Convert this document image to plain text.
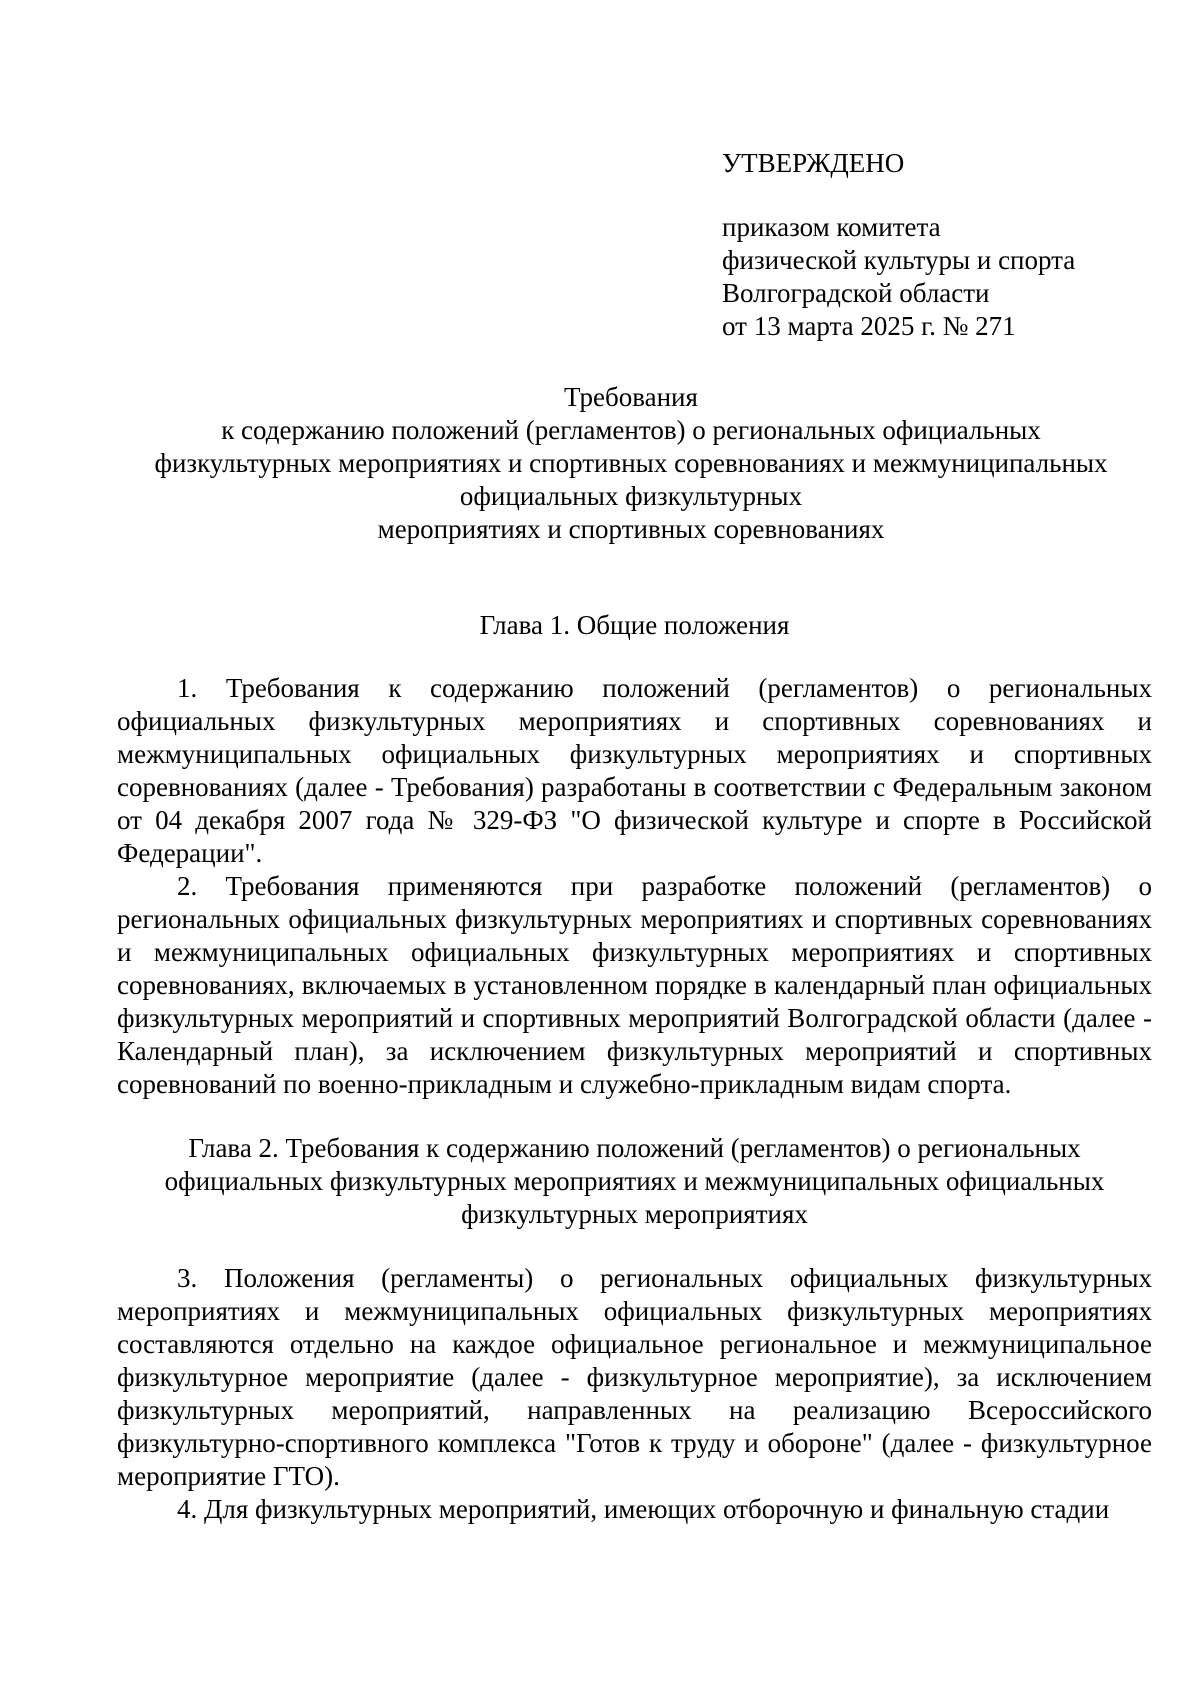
УТВЕРЖДЕНО
приказом комитета
физической культуры и спорта
Волгоградской области
от 13 марта 2025 г. № 271
Требования
к содержанию положений (регламентов) о региональных официальных
физкультурных мероприятиях и спортивных соревнованиях и межмуниципальных
официальных физкультурных
мероприятиях и спортивных соревнованиях
Глава 1. Общие положения

1. Требования к содержанию положений (регламентов) о региональных официальных физкультурных мероприятиях и спортивных соревнованиях и межмуниципальных официальных физкультурных мероприятиях и спортивных соревнованиях (далее - Требования) разработаны в соответствии с Федеральным законом от 04 декабря 2007 года № 329-ФЗ "О физической культуре и спорте в Российской Федерации".

2. Требования применяются при разработке положений (регламентов) о региональных официальных физкультурных мероприятиях и спортивных соревнованиях и межмуниципальных официальных физкультурных мероприятиях и спортивных соревнованиях, включаемых в установленном порядке в календарный план официальных физкультурных мероприятий и спортивных мероприятий Волгоградской области (далее - Календарный план), за исключением физкультурных мероприятий и спортивных соревнований по военно-прикладным и служебно-прикладным видам спорта.

Глава 2. Требования к содержанию положений (регламентов) о региональных
официальных физкультурных мероприятиях и межмуниципальных официальных
физкультурных мероприятиях

3. Положения (регламенты) о региональных официальных физкультурных мероприятиях и межмуниципальных официальных физкультурных мероприятиях составляются отдельно на каждое официальное региональное и межмуниципальное физкультурное мероприятие (далее - физкультурное мероприятие), за исключением физкультурных мероприятий, направленных на реализацию Всероссийского физкультурно-спортивного комплекса "Готов к труду и обороне" (далее - физкультурное мероприятие ГТО).

4. Для физкультурных мероприятий, имеющих отборочную и финальную стадии
